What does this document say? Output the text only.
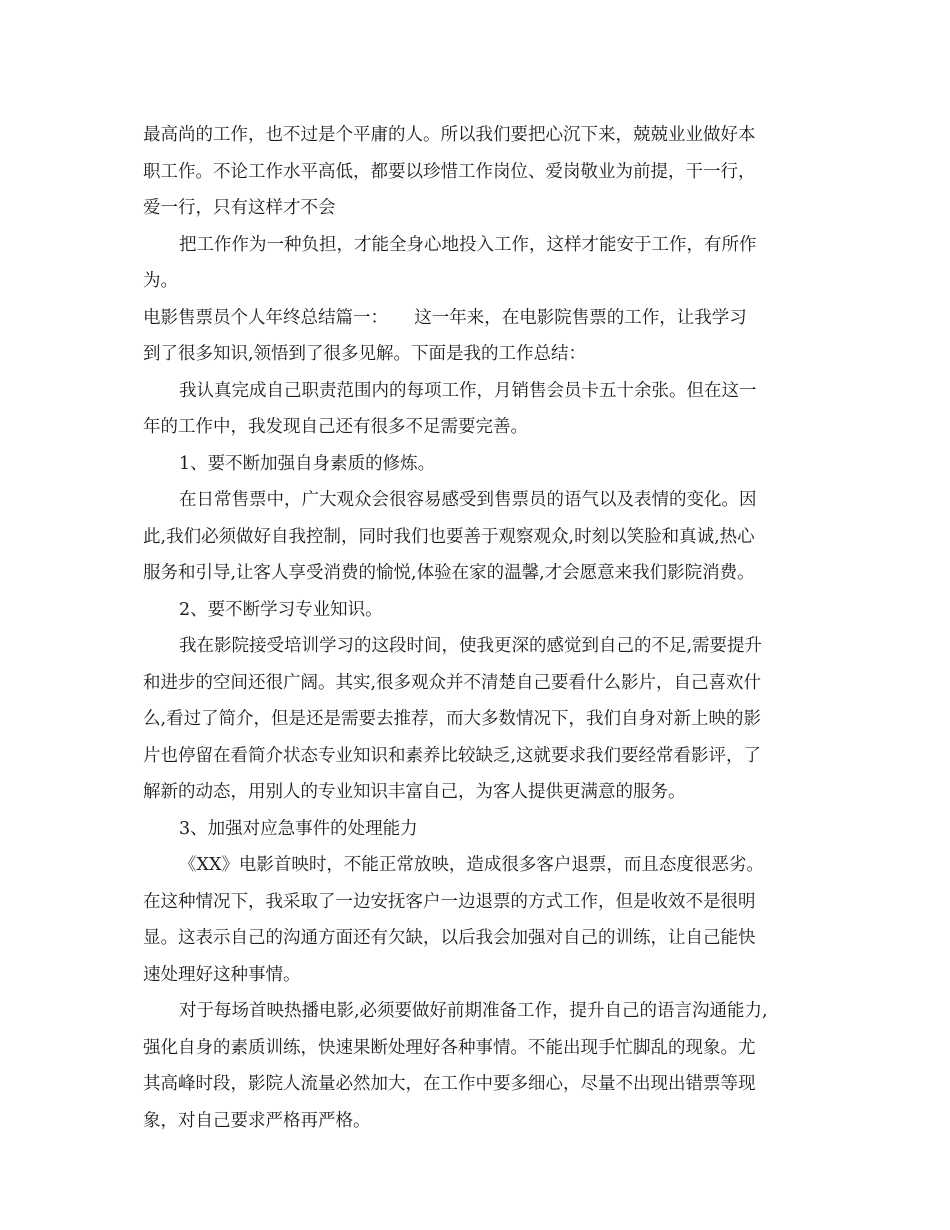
最高尚的工作，也不过是个平庸的人。所以我们要把心沉下来，兢兢业业做好本
职工作。不论工作水平高低，都要以珍惜工作岗位、爱岗敬业为前提，干一行，
爱一行，只有这样才不会
把工作作为一种负担，才能全身心地投入工作，这样才能安于工作，有所作
为。
电影售票员个人年终总结篇一：　　这一年来，在电影院售票的工作，让我学习
到了很多知识,领悟到了很多见解。下面是我的工作总结：
我认真完成自己职责范围内的每项工作，月销售会员卡五十余张。但在这一
年的工作中，我发现自己还有很多不足需要完善。
1、要不断加强自身素质的修炼。
在日常售票中，广大观众会很容易感受到售票员的语气以及表情的变化。因
此,我们必须做好自我控制，同时我们也要善于观察观众,时刻以笑脸和真诚,热心
服务和引导,让客人享受消费的愉悦,体验在家的温馨,才会愿意来我们影院消费。
2、要不断学习专业知识。
我在影院接受培训学习的这段时间，使我更深的感觉到自己的不足,需要提升
和进步的空间还很广阔。其实,很多观众并不清楚自己要看什么影片，自己喜欢什
么,看过了简介，但是还是需要去推荐，而大多数情况下，我们自身对新上映的影
片也停留在看简介状态专业知识和素养比较缺乏,这就要求我们要经常看影评，了
解新的动态，用别人的专业知识丰富自己，为客人提供更满意的服务。
3、加强对应急事件的处理能力
《XX》电影首映时，不能正常放映，造成很多客户退票，而且态度很恶劣。
在这种情况下，我采取了一边安抚客户一边退票的方式工作，但是收效不是很明
显。这表示自己的沟通方面还有欠缺，以后我会加强对自己的训练，让自己能快
速处理好这种事情。
对于每场首映热播电影,必须要做好前期准备工作，提升自己的语言沟通能力,
强化自身的素质训练，快速果断处理好各种事情。不能出现手忙脚乱的现象。尤
其高峰时段，影院人流量必然加大，在工作中要多细心，尽量不出现出错票等现
象，对自己要求严格再严格。
